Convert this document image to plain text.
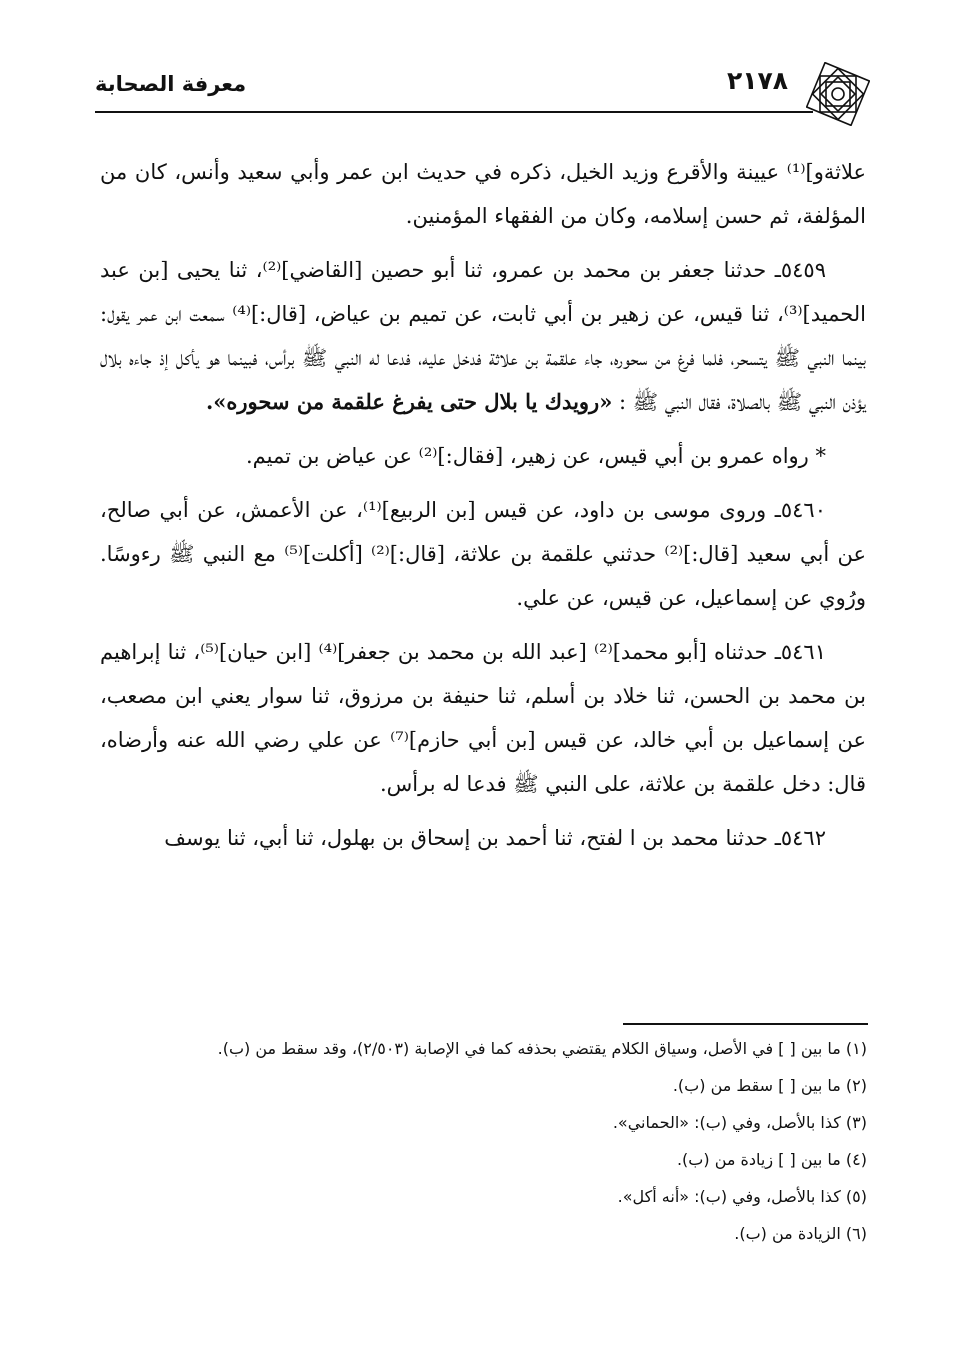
معرفة الصحابة	٢١٧٨

علاثةو]⁽¹⁾ عيينة والأقرع وزيد الخيل، ذكره في حديث ابن عمر وأبي سعيد وأنس، كان من المؤلفة، ثم حسن إسلامه، وكان من الفقهاء المؤمنين.

٥٤٥٩ـ حدثنا جعفر بن محمد بن عمرو، ثنا أبو حصين [القاضي]⁽²⁾، ثنا يحيى [بن عبد الحميد]⁽³⁾، ثنا قيس، عن زهير بن أبي ثابت، عن تميم بن عياض، [قال:]⁽⁴⁾ سمعت ابن عمر يقول: بينما النبي ﷺ يتسحر، فلما فرغ من سحوره، جاء علقمة بن علاثة فدخل عليه، فدعا له النبي ﷺ برأس، فبينما هو يأكل إذ جاءه بلال يؤذن النبي ﷺ بالصلاة، فقال النبي ﷺ : «رويدك يا بلال حتى يفرغ علقمة من سحوره».

* رواه عمرو بن أبي قيس، عن زهير، [فقال:]⁽²⁾ عن عياض بن تميم.

٥٤٦٠ـ وروى موسى بن داود، عن قيس [بن الربيع]⁽¹⁾، عن الأعمش، عن أبي صالح، عن أبي سعيد [قال:]⁽²⁾ حدثني علقمة بن علاثة، [قال:]⁽²⁾ [أكلت]⁽⁵⁾ مع النبي ﷺ رءوسًا. ورُوي عن إسماعيل، عن قيس، عن علي.

٥٤٦١ـ حدثناه [أبو محمد]⁽²⁾ [عبد الله بن محمد بن جعفر]⁽⁴⁾ [ابن حيان]⁽⁵⁾، ثنا إبراهيم بن محمد بن الحسن، ثنا خلاد بن أسلم، ثنا حنيفة بن مرزوق، ثنا سوار يعني ابن مصعب، عن إسماعيل بن أبي خالد، عن قيس [بن أبي حازم]⁽⁷⁾ عن علي رضي الله عنه وأرضاه، قال: دخل علقمة بن علاثة، على النبي ﷺ فدعا له برأس.

٥٤٦٢ـ حدثنا محمد بن ا لفتح، ثنا أحمد بن إسحاق بن بهلول، ثنا أبي، ثنا يوسف

(١) ما بين [ ] في الأصل، وسياق الكلام يقتضي بحذفه كما في الإصابة (٢/٥٠٣)، وقد سقط من (ب).

(٢) ما بين [ ] سقط من (ب).

(٣) كذا بالأصل، وفي (ب): «الحماني».

(٤) ما بين [ ] زيادة من (ب).

(٥) كذا بالأصل، وفي (ب): «أنه أكل».

(٦) الزيادة من (ب).
